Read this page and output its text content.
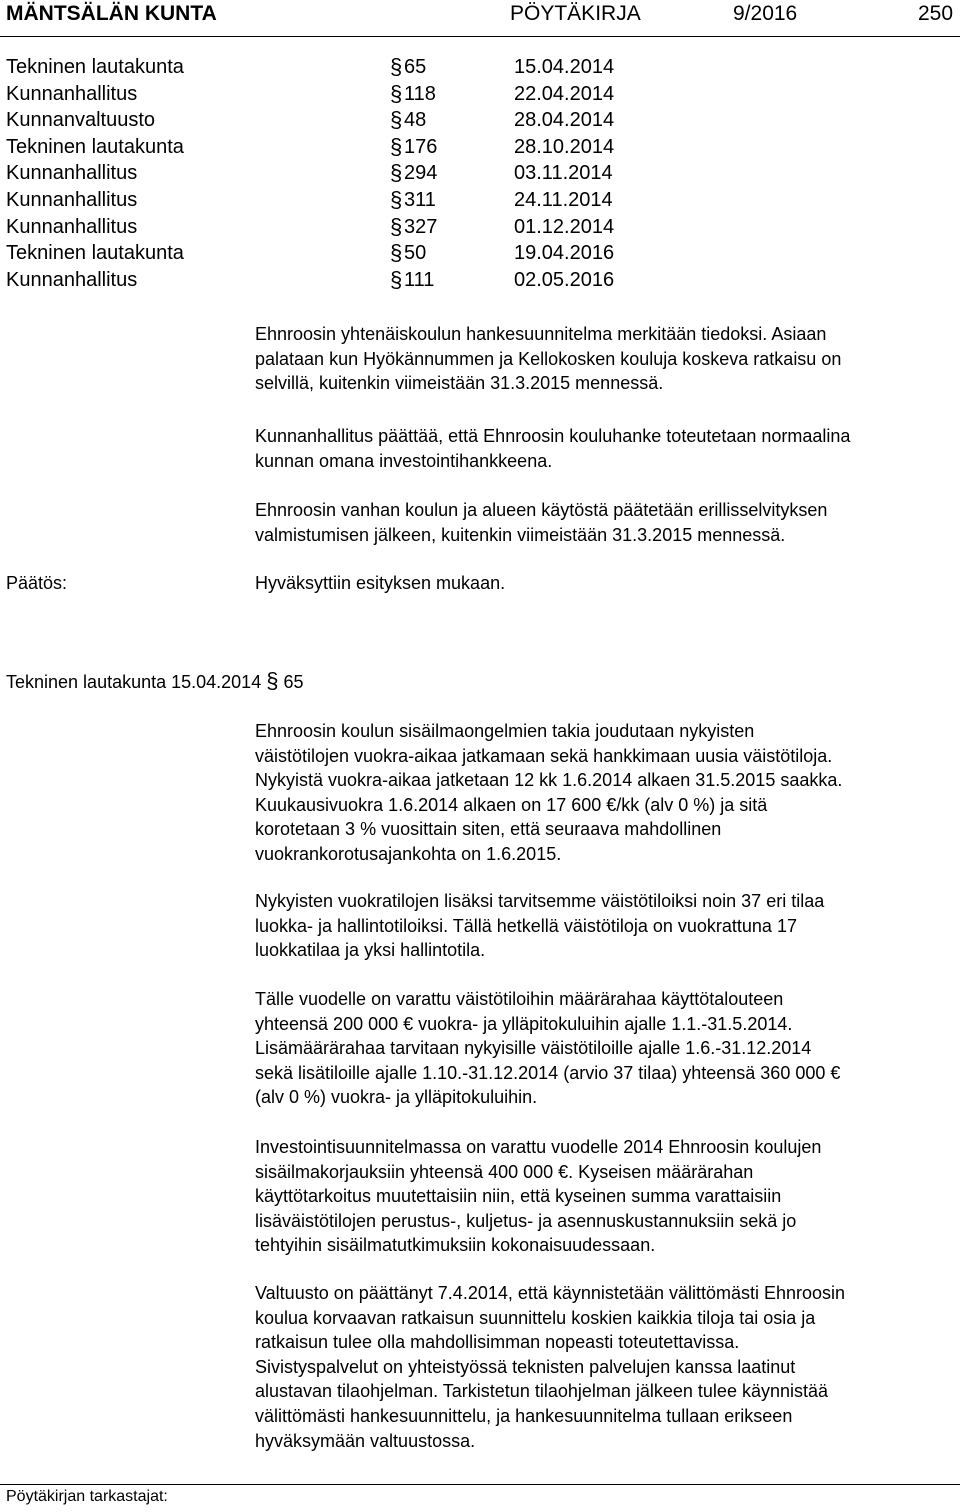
MÄNTSÄLÄN KUNTA	PÖYTÄKIRJA	9/2016	250
Tekninen lautakunta	§ 65	15.04.2014
Kunnanhallitus	§ 118	22.04.2014
Kunnanvaltuusto	§ 48	28.04.2014
Tekninen lautakunta	§ 176	28.10.2014
Kunnanhallitus	§ 294	03.11.2014
Kunnanhallitus	§ 311	24.11.2014
Kunnanhallitus	§ 327	01.12.2014
Tekninen lautakunta	§ 50	19.04.2016
Kunnanhallitus	§ 111	02.05.2016

Ehnroosin yhtenäiskoulun hankesuunnitelma merkitään tiedoksi. Asiaan

palataan kun Hyökännummen ja Kellokosken kouluja koskeva ratkaisu on

selvillä, kuitenkin viimeistään 31.3.2015 mennessä.

Kunnanhallitus päättää, että Ehnroosin kouluhanke toteutetaan normaalina

kunnan omana investointihankkeena.

Ehnroosin vanhan koulun ja alueen käytöstä päätetään erillisselvityksen

valmistumisen jälkeen, kuitenkin viimeistään 31.3.2015 mennessä.

Päätös:	Hyväksyttiin esityksen mukaan.
Tekninen lautakunta 15.04.2014 § 65

Ehnroosin koulun sisäilmaongelmien takia joudutaan nykyisten

väistötilojen vuokra-aikaa jatkamaan sekä hankkimaan uusia väistötiloja.

Nykyistä vuokra-aikaa jatketaan 12 kk 1.6.2014 alkaen 31.5.2015 saakka.

Kuukausivuokra 1.6.2014 alkaen on 17 600 €/kk (alv 0 %) ja sitä

korotetaan 3 % vuosittain siten, että seuraava mahdollinen

vuokrankorotusajankohta on 1.6.2015.

Nykyisten vuokratilojen lisäksi tarvitsemme väistötiloiksi noin 37 eri tilaa

luokka- ja hallintotiloiksi. Tällä hetkellä väistötiloja on vuokrattuna 17

luokkatilaa ja yksi hallintotila.

Tälle vuodelle on varattu väistötiloihin määrärahaa käyttötalouteen

yhteensä 200 000 € vuokra- ja ylläpitokuluihin ajalle 1.1.-31.5.2014.

Lisämäärärahaa tarvitaan nykyisille väistötiloille ajalle 1.6.-31.12.2014

sekä lisätiloille ajalle 1.10.-31.12.2014 (arvio 37 tilaa) yhteensä 360 000 €

(alv 0 %) vuokra- ja ylläpitokuluihin.

Investointisuunnitelmassa on varattu vuodelle 2014 Ehnroosin koulujen

sisäilmakorjauksiin yhteensä 400 000 €. Kyseisen määrärahan

käyttötarkoitus muutettaisiin niin, että kyseinen summa varattaisiin

lisäväistötilojen perustus-, kuljetus- ja asennuskustannuksiin sekä jo

tehtyihin sisäilmatutkimuksiin kokonaisuudessaan.

Valtuusto on päättänyt 7.4.2014, että käynnistetään välittömästi Ehnroosin

koulua korvaavan ratkaisun suunnittelu koskien kaikkia tiloja tai osia ja

ratkaisun tulee olla mahdollisimman nopeasti toteutettavissa.

Sivistyspalvelut on yhteistyössä teknisten palvelujen kanssa laatinut

alustavan tilaohjelman. Tarkistetun tilaohjelman jälkeen tulee käynnistää

välittömästi hankesuunnittelu, ja hankesuunnitelma tullaan erikseen

hyväksymään valtuustossa.

Pöytäkirjan tarkastajat:
